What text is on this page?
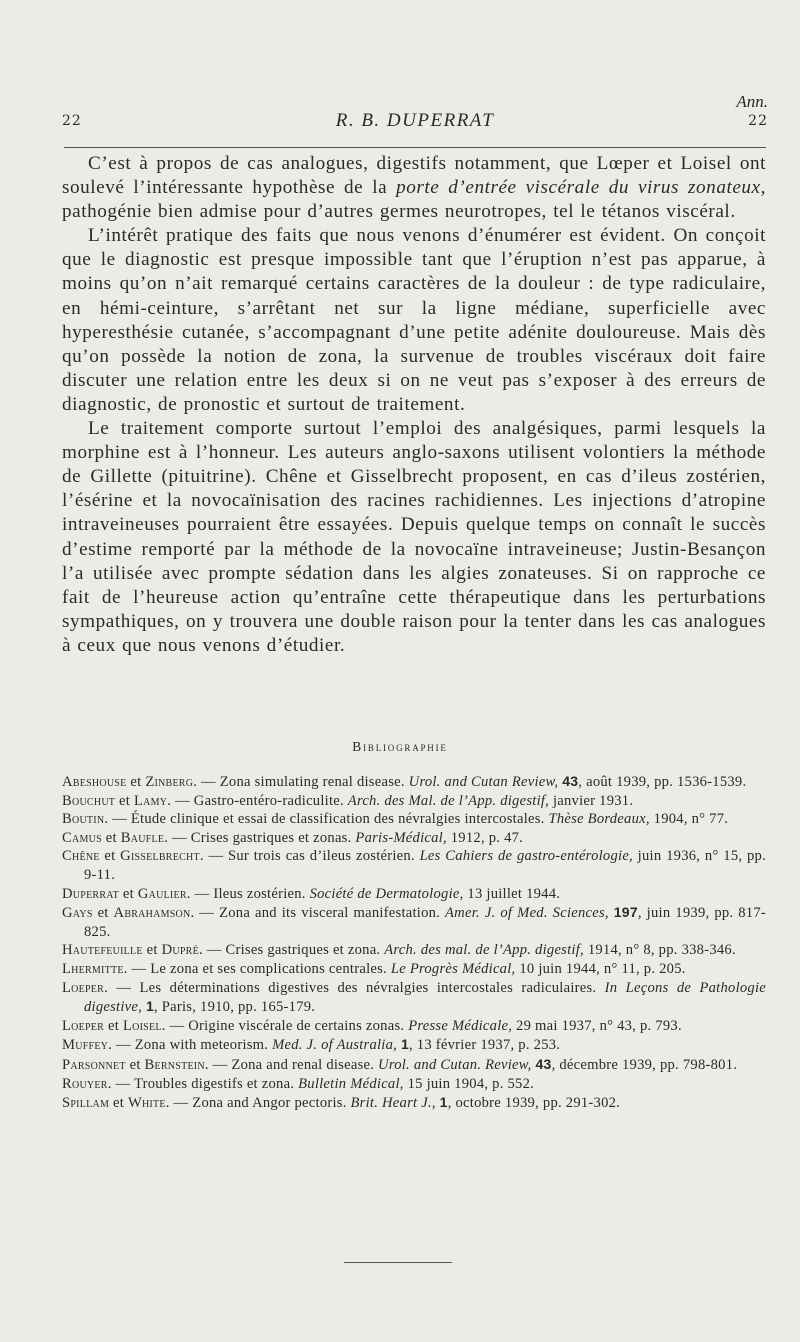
Ann.
22	R. B. DUPERRAT	22

C’est à propos de cas analogues, digestifs notamment, que Lœper et Loisel ont soulevé l’intéressante hypothèse de la porte d’entrée viscérale du virus zonateux, pathogénie bien admise pour d’autres germes neurotropes, tel le tétanos viscéral.

L’intérêt pratique des faits que nous venons d’énumérer est évident. On conçoit que le diagnostic est presque impossible tant que l’éruption n’est pas apparue, à moins qu’on n’ait remarqué certains caractères de la douleur : de type radiculaire, en hémi-ceinture, s’arrêtant net sur la ligne médiane, superficielle avec hyperesthésie cutanée, s’accompagnant d’une petite adénite douloureuse. Mais dès qu’on possède la notion de zona, la survenue de troubles viscéraux doit faire discuter une relation entre les deux si on ne veut pas s’exposer à des erreurs de diagnostic, de pronostic et surtout de traitement.

Le traitement comporte surtout l’emploi des analgésiques, parmi lesquels la morphine est à l’honneur. Les auteurs anglo-saxons utilisent volontiers la méthode de Gillette (pituitrine). Chêne et Gisselbrecht proposent, en cas d’ileus zostérien, l’ésérine et la novocaïnisation des racines rachidiennes. Les injections d’atropine intraveineuses pourraient être essayées. Depuis quelque temps on connaît le succès d’estime remporté par la méthode de la novocaïne intraveineuse; Justin-Besançon l’a utilisée avec prompte sédation dans les algies zonateuses. Si on rapproche ce fait de l’heureuse action qu’entraîne cette thérapeutique dans les perturbations sympathiques, on y trouvera une double raison pour la tenter dans les cas analogues à ceux que nous venons d’étudier.

Bibliographie
Abeshouse et Zinberg. — Zona simulating renal disease. Urol. and Cutan Review, 43, août 1939, pp. 1536-1539.
Bouchut et Lamy. — Gastro-entéro-radiculite. Arch. des Mal. de l’App. digestif, janvier 1931.
Boutin. — Étude clinique et essai de classification des névralgies intercostales. Thèse Bordeaux, 1904, n° 77.
Camus et Baufle. — Crises gastriques et zonas. Paris-Médical, 1912, p. 47.
Chêne et Gisselbrecht. — Sur trois cas d’ileus zostérien. Les Cahiers de gastro-entérologie, juin 1936, n° 15, pp. 9-11.
Duperrat et Gaulier. — Ileus zostérien. Société de Dermatologie, 13 juillet 1944.
Gays et Abrahamson. — Zona and its visceral manifestation. Amer. J. of Med. Sciences, 197, juin 1939, pp. 817-825.
Hautefeuille et Dupré. — Crises gastriques et zona. Arch. des mal. de l’App. digestif, 1914, n° 8, pp. 338-346.
Lhermitte. — Le zona et ses complications centrales. Le Progrès Médical, 10 juin 1944, n° 11, p. 205.
Loeper. — Les déterminations digestives des névralgies intercostales radiculaires. In Leçons de Pathologie digestive, 1, Paris, 1910, pp. 165-179.
Loeper et Loisel. — Origine viscérale de certains zonas. Presse Médicale, 29 mai 1937, n° 43, p. 793.
Muffey. — Zona with meteorism. Med. J. of Australia, 1, 13 février 1937, p. 253.
Parsonnet et Bernstein. — Zona and renal disease. Urol. and Cutan. Review, 43, décembre 1939, pp. 798-801.
Rouyer. — Troubles digestifs et zona. Bulletin Médical, 15 juin 1904, p. 552.
Spillam et White. — Zona and Angor pectoris. Brit. Heart J., 1, octobre 1939, pp. 291-302.
